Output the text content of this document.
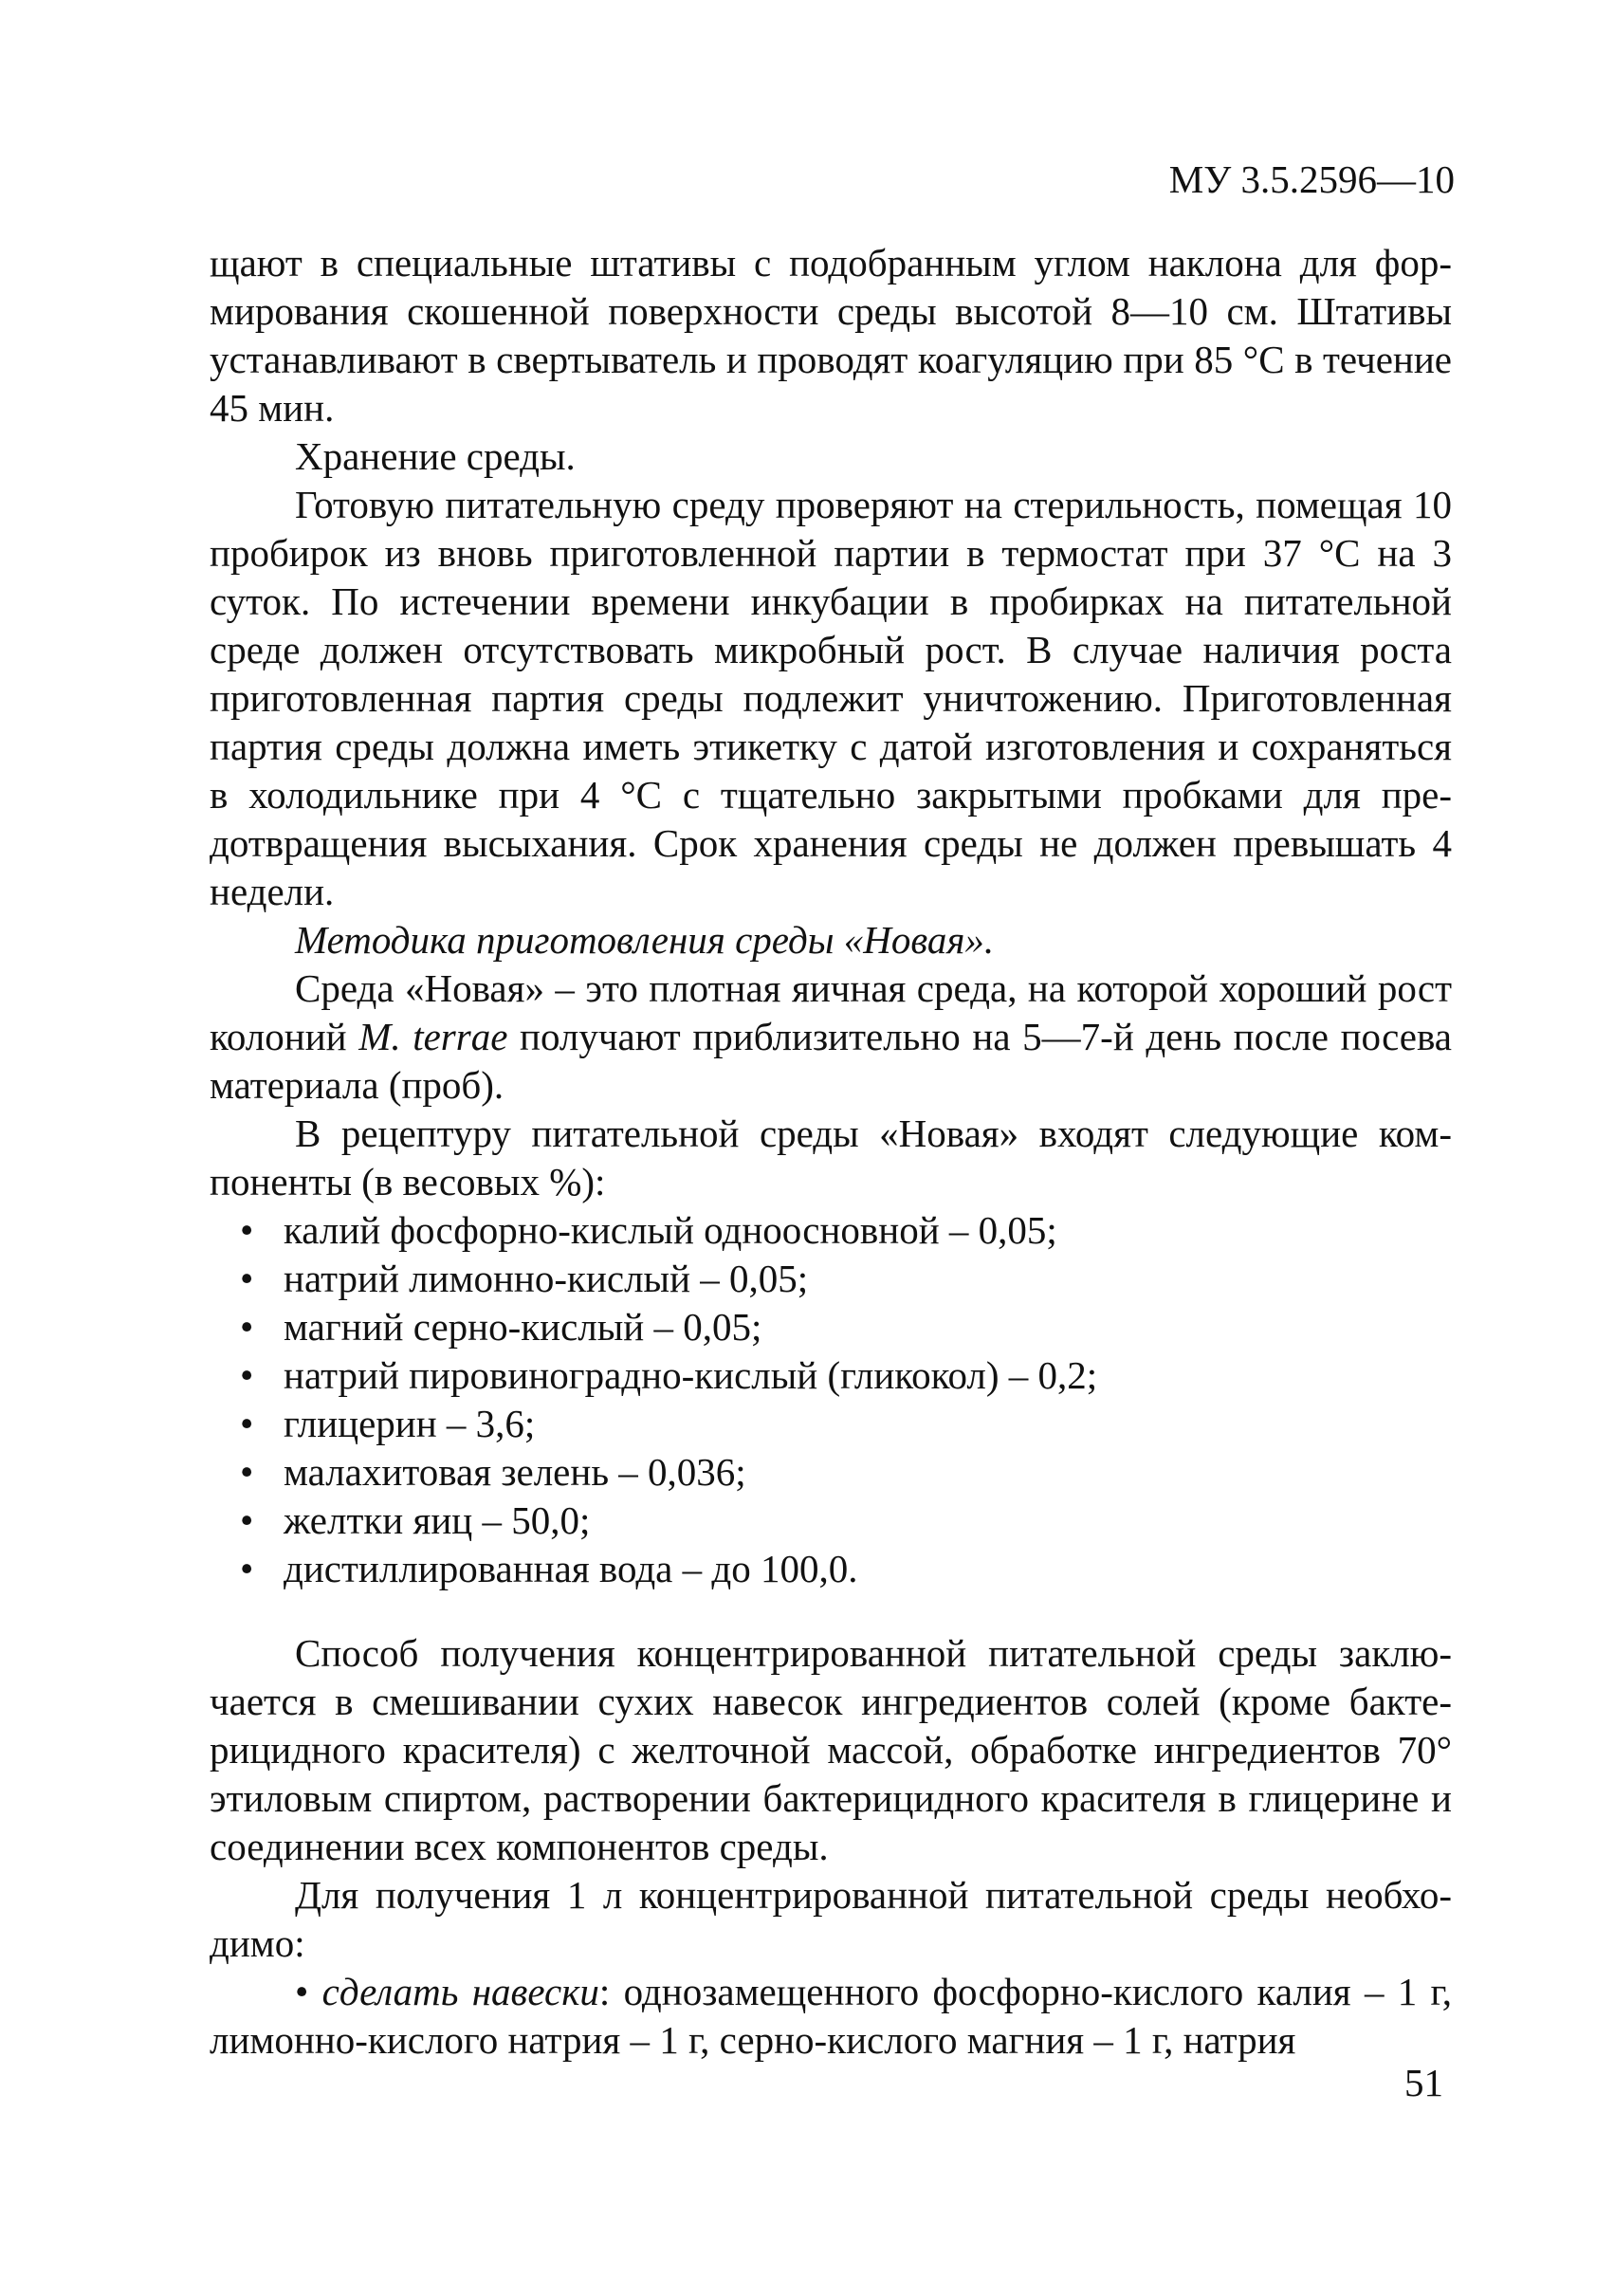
МУ 3.5.2596—10

щают в специальные штативы с подобранным углом наклона для формирования скошенной поверхности среды высотой 8—10 см. Штативы устанавливают в свертыватель и проводят коагуляцию при 85 °С в течение 45 мин.

Хранение среды.

Готовую питательную среду проверяют на стерильность, помещая 10 пробирок из вновь приготовленной партии в термостат при 37 °С на 3 суток. По истечении времени инкубации в пробирках на питательной среде должен отсутствовать микробный рост. В случае наличия роста приготовленная партия среды подлежит уничтожению. Приготовленная партия среды должна иметь этикетку с датой изготовления и сохраняться в холодильнике при 4 °С с тщательно закрытыми пробками для предотвращения высыхания. Срок хранения среды не должен превышать 4 недели.

Методика приготовления среды «Новая».

Среда «Новая» – это плотная яичная среда, на которой хороший рост колоний M. terrae получают приблизительно на 5—7-й день после посева материала (проб).

В рецептуру питательной среды «Новая» входят следующие компоненты (в весовых %):

• калий фосфорно-кислый одноосновной – 0,05;
• натрий лимонно-кислый – 0,05;
• магний серно-кислый – 0,05;
• натрий пировиноградно-кислый (гликокол) – 0,2;
• глицерин – 3,6;
• малахитовая зелень – 0,036;
• желтки яиц – 50,0;
• дистиллированная вода – до 100,0.

Способ получения концентрированной питательной среды заключается в смешивании сухих навесок ингредиентов солей (кроме бактерицидного красителя) с желточной массой, обработке ингредиентов 70° этиловым спиртом, растворении бактерицидного красителя в глицерине и соединении всех компонентов среды.

Для получения 1 л концентрированной питательной среды необходимо:

• сделать навески: однозамещенного фосфорно-кислого калия – 1 г, лимонно-кислого натрия – 1 г, серно-кислого магния – 1 г, натрия

51
